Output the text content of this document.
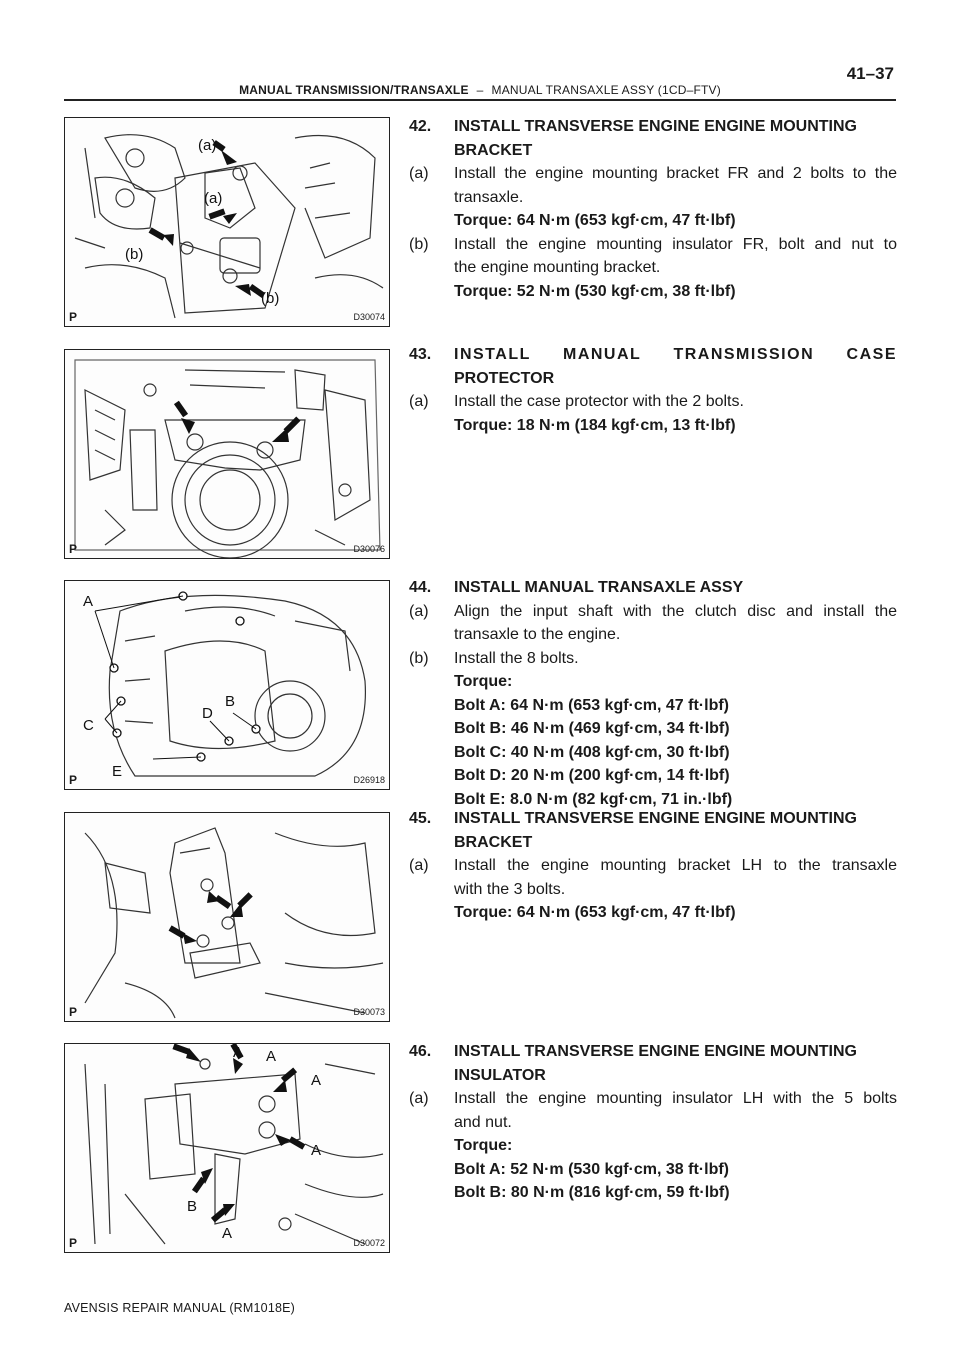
41–37
MANUAL TRANSMISSION/TRANSAXLE – MANUAL TRANSAXLE ASSY (1CD–FTV)
(a)
(a)
(b)
(b)
P	D30074
P	D30076
A
B
D
C
E
P	D26918
P	D30073
A A
A
A
B
A
P	D30072
42. INSTALL TRANSVERSE ENGINE ENGINE MOUNTING
BRACKET
(a) Install the engine mounting bracket FR and 2 bolts to the
transaxle.
Torque: 64 N·m (653 kgf·cm, 47 ft·lbf)
(b) Install the engine mounting insulator FR, bolt and nut to
the engine mounting bracket.
Torque: 52 N·m (530 kgf·cm, 38 ft·lbf)
43. INSTALL MANUAL TRANSMISSION CASE
PROTECTOR
(a) Install the case protector with the 2 bolts.
Torque: 18 N·m (184 kgf·cm, 13 ft·lbf)
44. INSTALL MANUAL TRANSAXLE ASSY
(a) Align the input shaft with the clutch disc and install the
transaxle to the engine.
(b) Install the 8 bolts.
Torque:
Bolt A: 64 N·m (653 kgf·cm, 47 ft·lbf)
Bolt B: 46 N·m (469 kgf·cm, 34 ft·lbf)
Bolt C: 40 N·m (408 kgf·cm, 30 ft·lbf)
Bolt D: 20 N·m (200 kgf·cm, 14 ft·lbf)
Bolt E: 8.0 N·m (82 kgf·cm, 71 in.·lbf)
45. INSTALL TRANSVERSE ENGINE ENGINE MOUNTING
BRACKET
(a) Install the engine mounting bracket LH to the transaxle
with the 3 bolts.
Torque: 64 N·m (653 kgf·cm, 47 ft·lbf)
46. INSTALL TRANSVERSE ENGINE ENGINE MOUNTING
INSULATOR
(a) Install the engine mounting insulator LH with the 5 bolts
and nut.
Torque:
Bolt A: 52 N·m (530 kgf·cm, 38 ft·lbf)
Bolt B: 80 N·m (816 kgf·cm, 59 ft·lbf)
AVENSIS REPAIR MANUAL (RM1018E)
